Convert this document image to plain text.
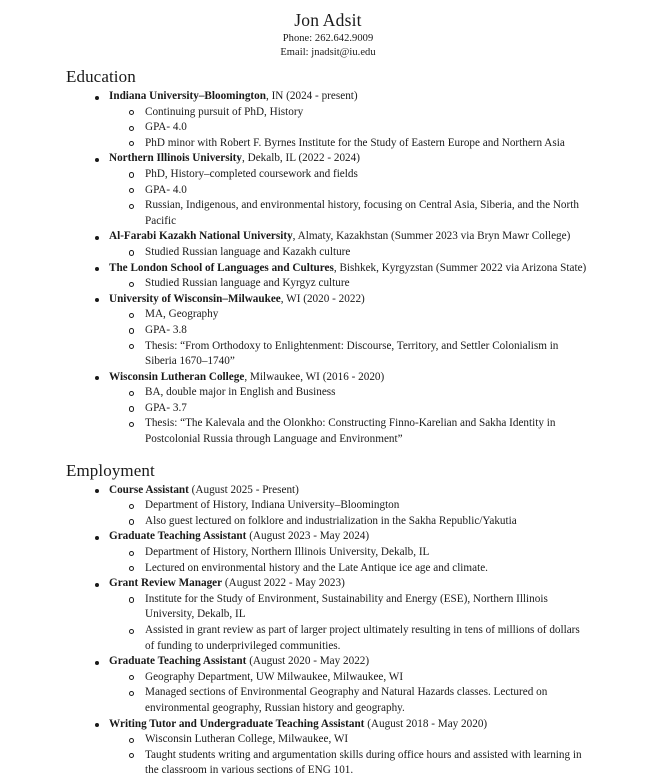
Jon Adsit

Phone: 262.642.9009

Email: jnadsit@iu.edu

Education

Indiana University–Bloomington, IN (2024 - present)

Continuing pursuit of PhD, History
GPA- 4.0
PhD minor with Robert F. Byrnes Institute for the Study of Eastern Europe and Northern Asia

Northern Illinois University, Dekalb, IL (2022 - 2024)

PhD, History–completed coursework and fields
GPA- 4.0
Russian, Indigenous, and environmental history, focusing on Central Asia, Siberia, and the North Pacific

Al-Farabi Kazakh National University, Almaty, Kazakhstan (Summer 2023 via Bryn Mawr College)

Studied Russian language and Kazakh culture

The London School of Languages and Cultures, Bishkek, Kyrgyzstan (Summer 2022 via Arizona State)

Studied Russian language and Kyrgyz culture

University of Wisconsin–Milwaukee, WI (2020 - 2022)

MA, Geography
GPA- 3.8
Thesis: “From Orthodoxy to Enlightenment: Discourse, Territory, and Settler Colonialism in Siberia 1670–1740”

Wisconsin Lutheran College, Milwaukee, WI (2016 - 2020)

BA, double major in English and Business
GPA- 3.7
Thesis: “The Kalevala and the Olonkho: Constructing Finno-Karelian and Sakha Identity in Postcolonial Russia through Language and Environment”
Employment

Course Assistant (August 2025 - Present)

Department of History, Indiana University–Bloomington
Also guest lectured on folklore and industrialization in the Sakha Republic/Yakutia

Graduate Teaching Assistant (August 2023 - May 2024)

Department of History, Northern Illinois University, Dekalb, IL
Lectured on environmental history and the Late Antique ice age and climate.

Grant Review Manager (August 2022 - May 2023)

Institute for the Study of Environment, Sustainability and Energy (ESE), Northern Illinois University, Dekalb, IL
Assisted in grant review as part of larger project ultimately resulting in tens of millions of dollars of funding to underprivileged communities.

Graduate Teaching Assistant (August 2020 - May 2022)

Geography Department, UW Milwaukee, Milwaukee, WI
Managed sections of Environmental Geography and Natural Hazards classes. Lectured on environmental geography, Russian history and geography.

Writing Tutor and Undergraduate Teaching Assistant (August 2018 - May 2020)

Wisconsin Lutheran College, Milwaukee, WI
Taught students writing and argumentation skills during office hours and assisted with learning in the classroom in various sections of ENG 101.
